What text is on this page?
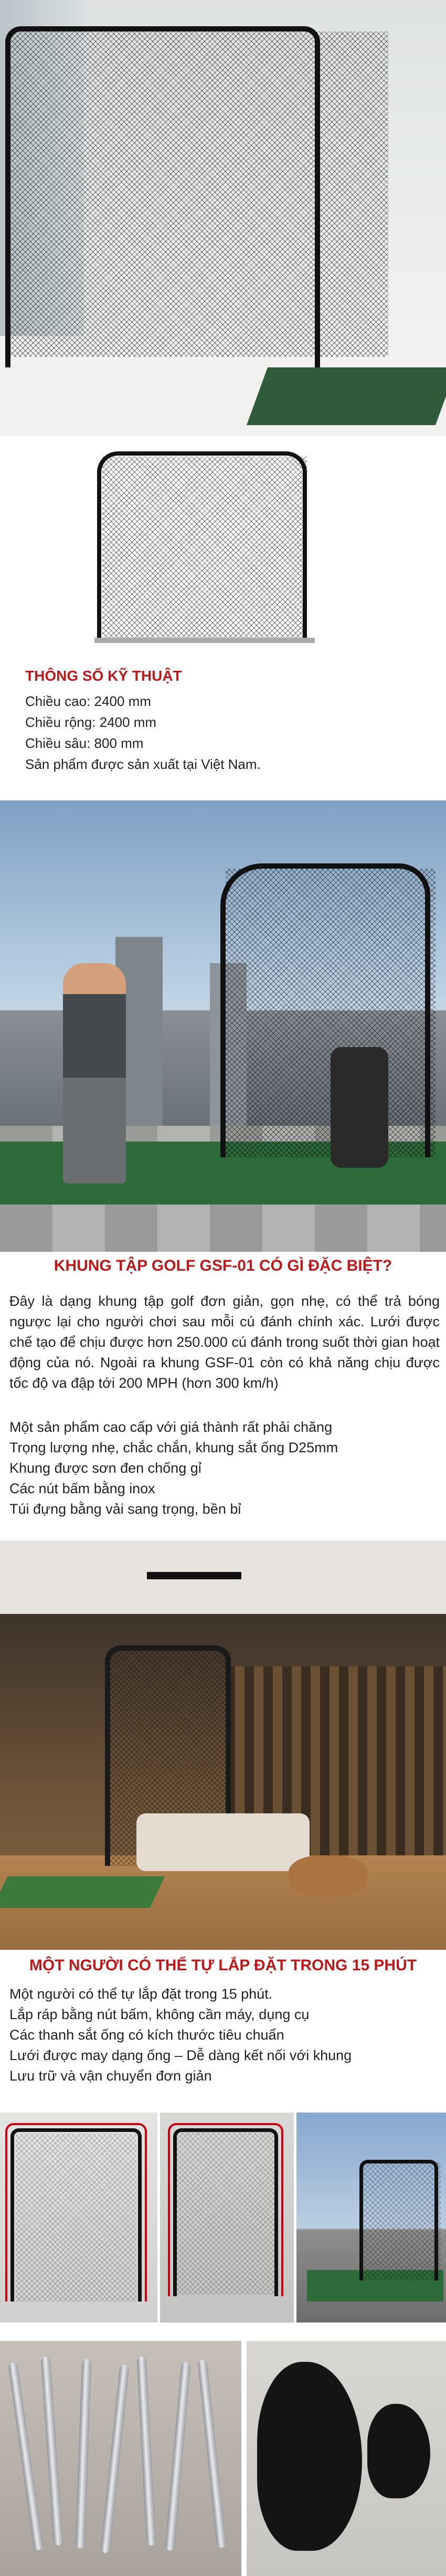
THÔNG SỐ KỸ THUẬT
Chiều cao: 2400 mm
Chiều rộng: 2400 mm
Chiều sâu: 800 mm
Sản phẩm được sản xuất tại Việt Nam.
KHUNG TẬP GOLF GSF-01 CÓ GÌ ĐẶC BIỆT?
Đây là dạng khung tập golf đơn giản, gọn nhẹ, có thể trả bóng ngược lại cho người chơi sau mỗi cú đánh chính xác. Lưới được chế tạo để chịu được hơn 250.000 cú đánh trong suốt thời gian hoạt động của nó. Ngoài ra khung GSF-01 còn có khả năng chịu được tốc độ va đập tới 200 MPH (hơn 300 km/h)

Một sản phẩm cao cấp với giá thành rất phải chăng

Trọng lượng nhẹ, chắc chắn, khung sắt ống D25mm

Khung được sơn đen chống gỉ

Các nút bấm bằng inox

Túi đựng bằng vải sang trọng, bền bỉ

MỘT NGƯỜI CÓ THỂ TỰ LẮP ĐẶT TRONG 15 PHÚT

Một người có thể tự lắp đặt trong 15 phút.

Lắp ráp bằng nút bấm, không cần máy, dụng cụ

Các thanh sắt ống có kích thước tiêu chuẩn

Lưới được may dạng ống – Dễ dàng kết nối với khung

Lưu trữ và vận chuyển đơn giản
